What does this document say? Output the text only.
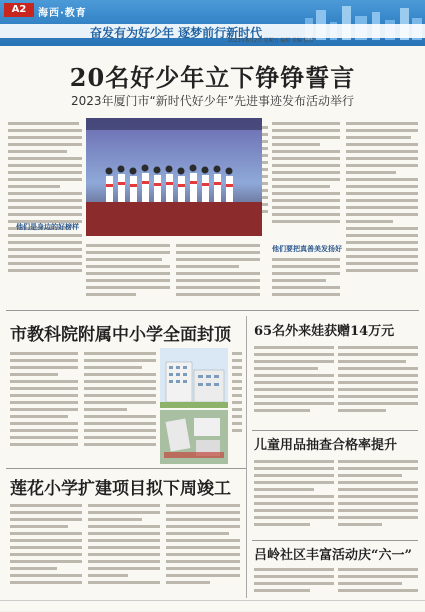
A2	海西·教育
奋发有为好少年 逐梦前行新时代
2023年6月2日 星期五 编辑 美编 校对
20名好少年立下铮铮誓言
2023年厦门市“新时代好少年”先进事迹发布活动举行
他们是身边的好榜样
他们要把真善美发扬好
市教科院附属中小学全面封顶
莲花小学扩建项目拟下周竣工
65名外来娃获赠14万元
儿童用品抽查合格率提升
吕岭社区丰富活动庆“六一”
